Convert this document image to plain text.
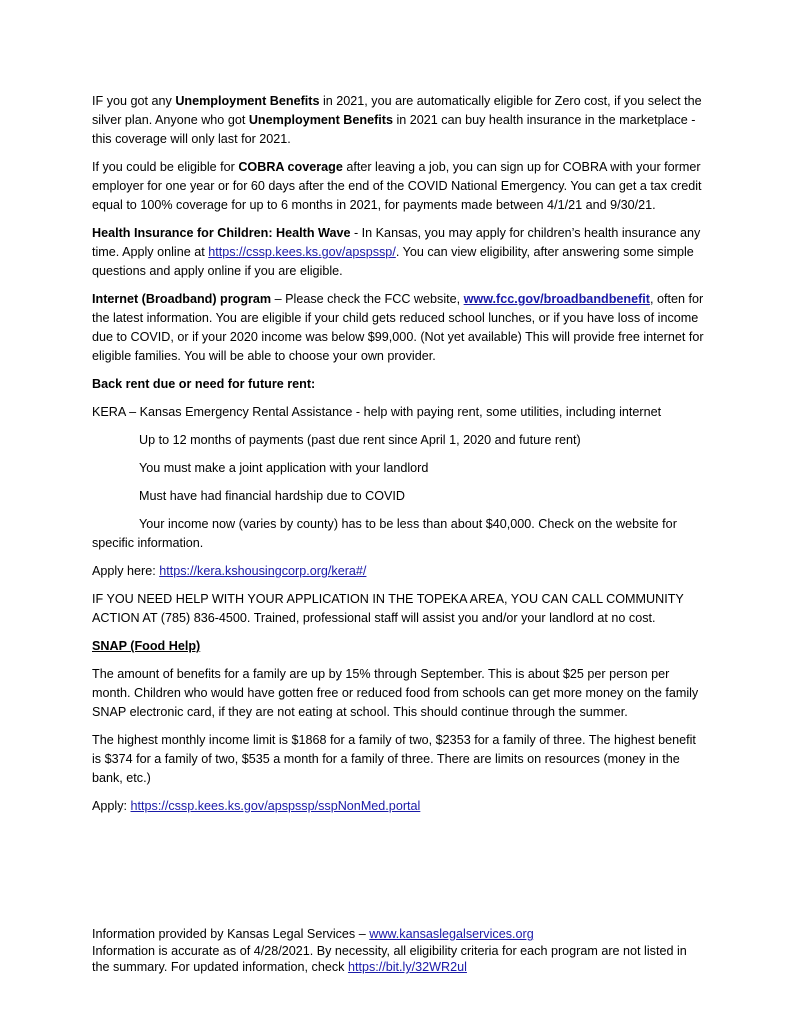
IF you got any Unemployment Benefits in 2021, you are automatically eligible for Zero cost, if you select the silver plan. Anyone who got Unemployment Benefits in 2021 can buy health insurance in the marketplace - this coverage will only last for 2021.

If you could be eligible for COBRA coverage after leaving a job, you can sign up for COBRA with your former employer for one year or for 60 days after the end of the COVID National Emergency. You can get a tax credit equal to 100% coverage for up to 6 months in 2021, for payments made between 4/1/21 and 9/30/21.

Health Insurance for Children: Health Wave - In Kansas, you may apply for children’s health insurance any time. Apply online at https://cssp.kees.ks.gov/apspssp/. You can view eligibility, after answering some simple questions and apply online if you are eligible.

Internet (Broadband) program – Please check the FCC website, www.fcc.gov/broadbandbenefit, often for the latest information. You are eligible if your child gets reduced school lunches, or if you have loss of income due to COVID, or if your 2020 income was below $99,000. (Not yet available) This will provide free internet for eligible families. You will be able to choose your own provider.

Back rent due or need for future rent:

KERA – Kansas Emergency Rental Assistance - help with paying rent, some utilities, including internet

Up to 12 months of payments (past due rent since April 1, 2020 and future rent)

You must make a joint application with your landlord

Must have had financial hardship due to COVID

Your income now (varies by county) has to be less than about $40,000. Check on the website for specific information.

Apply here: https://kera.kshousingcorp.org/kera#/

IF YOU NEED HELP WITH YOUR APPLICATION IN THE TOPEKA AREA, YOU CAN CALL COMMUNITY ACTION AT (785) 836-4500. Trained, professional staff will assist you and/or your landlord at no cost.

SNAP (Food Help)

The amount of benefits for a family are up by 15% through September. This is about $25 per person per month. Children who would have gotten free or reduced food from schools can get more money on the family SNAP electronic card, if they are not eating at school. This should continue through the summer.

The highest monthly income limit is $1868 for a family of two, $2353 for a family of three. The highest benefit is $374 for a family of two, $535 a month for a family of three. There are limits on resources (money in the bank, etc.)

Apply: https://cssp.kees.ks.gov/apspssp/sspNonMed.portal

Information provided by Kansas Legal Services – www.kansaslegalservices.org

Information is accurate as of 4/28/2021. By necessity, all eligibility criteria for each program are not listed in the summary. For updated information, check https://bit.ly/32WR2ul
